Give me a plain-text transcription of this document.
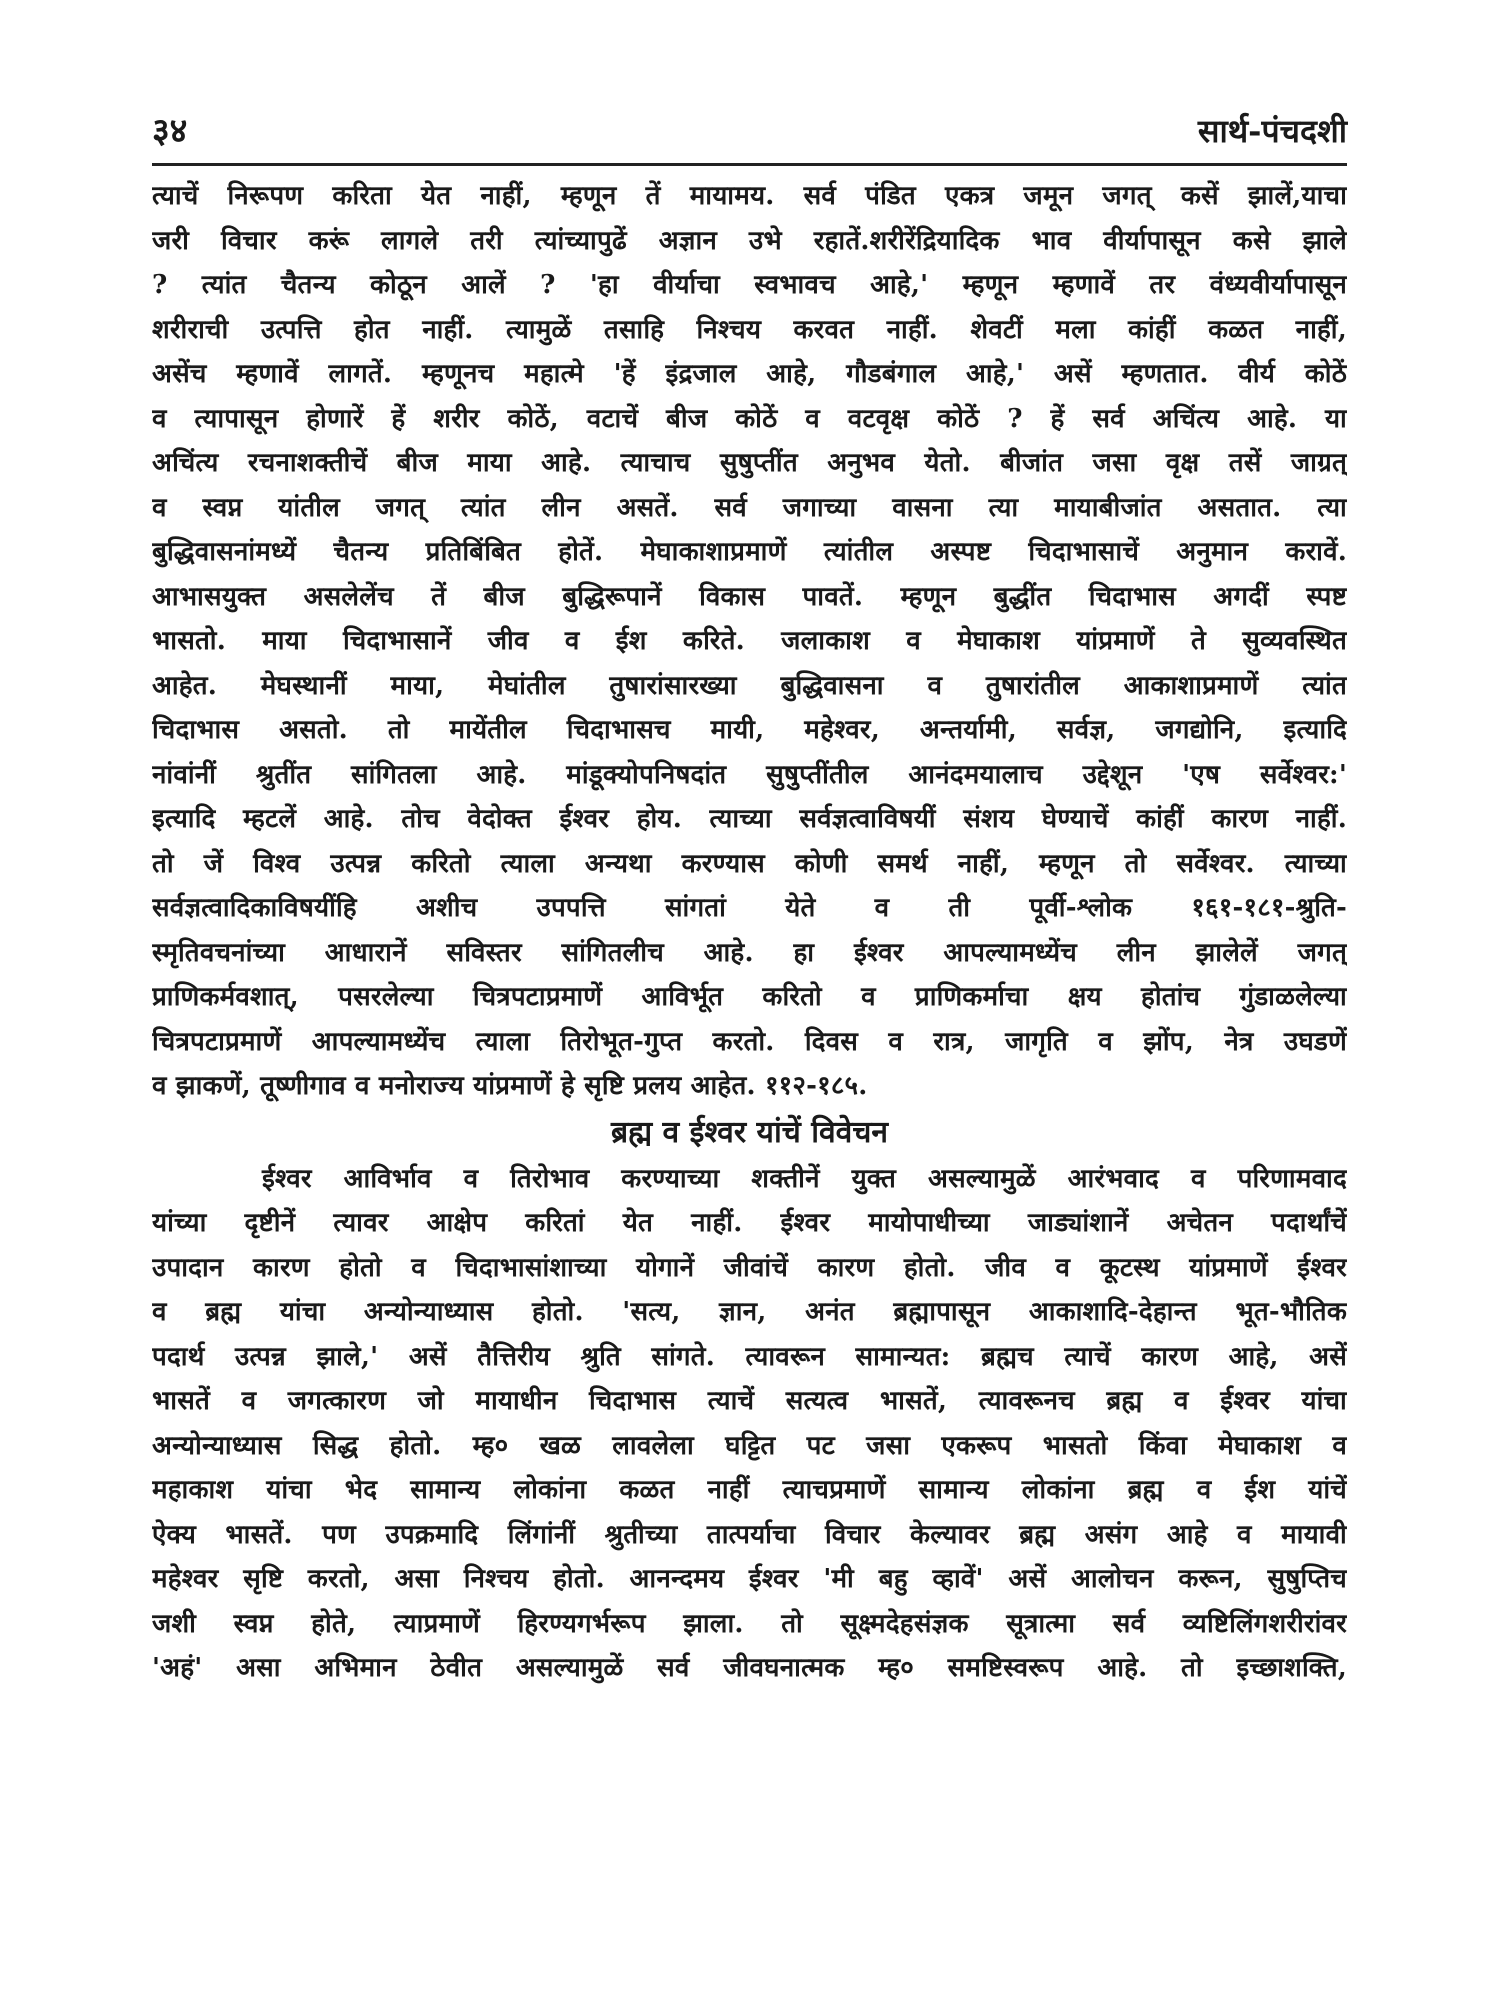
३४	सार्थ-पंचदशी
त्याचें निरूपण करिता येत नाहीं, म्हणून तें मायामय. सर्व पंडित एकत्र जमून जगत् कसें झालें,याचा
जरी विचार करूं लागले तरी त्यांच्यापुढें अज्ञान उभे रहातें.शरीरेंद्रियादिक भाव वीर्यापासून कसे झाले
? त्यांत चैतन्य कोठून आलें ? 'हा वीर्याचा स्वभावच आहे,' म्हणून म्हणावें तर वंध्यवीर्यापासून
शरीराची उत्पत्ति होत नाहीं. त्यामुळें तसाहि निश्चय करवत नाहीं. शेवटीं मला कांहीं कळत नाहीं,
असेंच म्हणावें लागतें. म्हणूनच महात्मे 'हें इंद्रजाल आहे, गौडबंगाल आहे,' असें म्हणतात. वीर्य कोठें
व त्यापासून होणारें हें शरीर कोठें, वटाचें बीज कोठें व वटवृक्ष कोठें ? हें सर्व अचिंत्य आहे. या
अचिंत्य रचनाशक्तीचें बीज माया आहे. त्याचाच सुषुप्तींत अनुभव येतो. बीजांत जसा वृक्ष तसें जाग्रत्
व स्वप्न यांतील जगत् त्यांत लीन असतें. सर्व जगाच्या वासना त्या मायाबीजांत असतात. त्या
बुद्धिवासनांमध्यें चैतन्य प्रतिबिंबित होतें. मेघाकाशाप्रमाणें त्यांतील अस्पष्ट चिदाभासाचें अनुमान करावें.
आभासयुक्त असलेलेंच तें बीज बुद्धिरूपानें विकास पावतें. म्हणून बुद्धींत चिदाभास अगदीं स्पष्ट
भासतो. माया चिदाभासानें जीव व ईश करिते. जलाकाश व मेघाकाश यांप्रमाणें ते सुव्यवस्थित
आहेत. मेघस्थानीं माया, मेघांतील तुषारांसारख्या बुद्धिवासना व तुषारांतील आकाशाप्रमाणें त्यांत
चिदाभास असतो. तो मायेंतील चिदाभासच मायी, महेश्वर, अन्तर्यामी, सर्वज्ञ, जगद्योनि, इत्यादि
नांवांनीं श्रुतींत सांगितला आहे. मांडूक्योपनिषदांत सुषुप्तींतील आनंदमयालाच उद्देशून 'एष सर्वेश्वर:'
इत्यादि म्हटलें आहे. तोच वेदोक्त ईश्वर होय. त्याच्या सर्वज्ञत्वाविषयीं संशय घेण्याचें कांहीं कारण नाहीं.
तो जें विश्व उत्पन्न करितो त्याला अन्यथा करण्यास कोणी समर्थ नाहीं, म्हणून तो सर्वेश्वर. त्याच्या
सर्वज्ञत्वादिकाविषयींहि अशीच उपपत्ति सांगतां येते व ती पूर्वी-श्लोक १६१-१८१-श्रुति-
स्मृतिवचनांच्या आधारानें सविस्तर सांगितलीच आहे. हा ईश्वर आपल्यामध्येंच लीन झालेलें जगत्
प्राणिकर्मवशात्, पसरलेल्या चित्रपटाप्रमाणें आविर्भूत करितो व प्राणिकर्माचा क्षय होतांच गुंडाळलेल्या
चित्रपटाप्रमाणें आपल्यामध्येंच त्याला तिरोभूत-गुप्त करतो. दिवस व रात्र, जागृति व झोंप, नेत्र उघडणें
व झाकणें, तूष्णीगाव व मनोराज्य यांप्रमाणें हे सृष्टि प्रलय आहेत. ११२-१८५.
ब्रह्म व ईश्वर यांचें विवेचन
ईश्वर आविर्भाव व तिरोभाव करण्याच्या शक्तीनें युक्त असल्यामुळें आरंभवाद व परिणामवाद
यांच्या दृष्टीनें त्यावर आक्षेप करितां येत नाहीं. ईश्वर मायोपाधीच्या जाड्यांशानें अचेतन पदार्थांचें
उपादान कारण होतो व चिदाभासांशाच्या योगानें जीवांचें कारण होतो. जीव व कूटस्थ यांप्रमाणें ईश्वर
व ब्रह्म यांचा अन्योन्याध्यास होतो. 'सत्य, ज्ञान, अनंत ब्रह्मापासून आकाशादि-देहान्त भूत-भौतिक
पदार्थ उत्पन्न झाले,' असें तैत्तिरीय श्रुति सांगते. त्यावरून सामान्यत: ब्रह्मच त्याचें कारण आहे, असें
भासतें व जगत्कारण जो मायाधीन चिदाभास त्याचें सत्यत्व भासतें, त्यावरूनच ब्रह्म व ईश्वर यांचा
अन्योन्याध्यास सिद्ध होतो. म्ह० खळ लावलेला घट्टित पट जसा एकरूप भासतो किंवा मेघाकाश व
महाकाश यांचा भेद सामान्य लोकांना कळत नाहीं त्याचप्रमाणें सामान्य लोकांना ब्रह्म व ईश यांचें
ऐक्य भासतें. पण उपक्रमादि लिंगांनीं श्रुतीच्या तात्पर्याचा विचार केल्यावर ब्रह्म असंग आहे व मायावी
महेश्वर सृष्टि करतो, असा निश्चय होतो. आनन्दमय ईश्वर 'मी बहु व्हावें' असें आलोचन करून, सुषुप्तिच
जशी स्वप्न होते, त्याप्रमाणें हिरण्यगर्भरूप झाला. तो सूक्ष्मदेहसंज्ञक सूत्रात्मा सर्व व्यष्टिलिंगशरीरांवर
'अहं' असा अभिमान ठेवीत असल्यामुळें सर्व जीवघनात्मक म्ह० समष्टिस्वरूप आहे. तो इच्छाशक्ति,
